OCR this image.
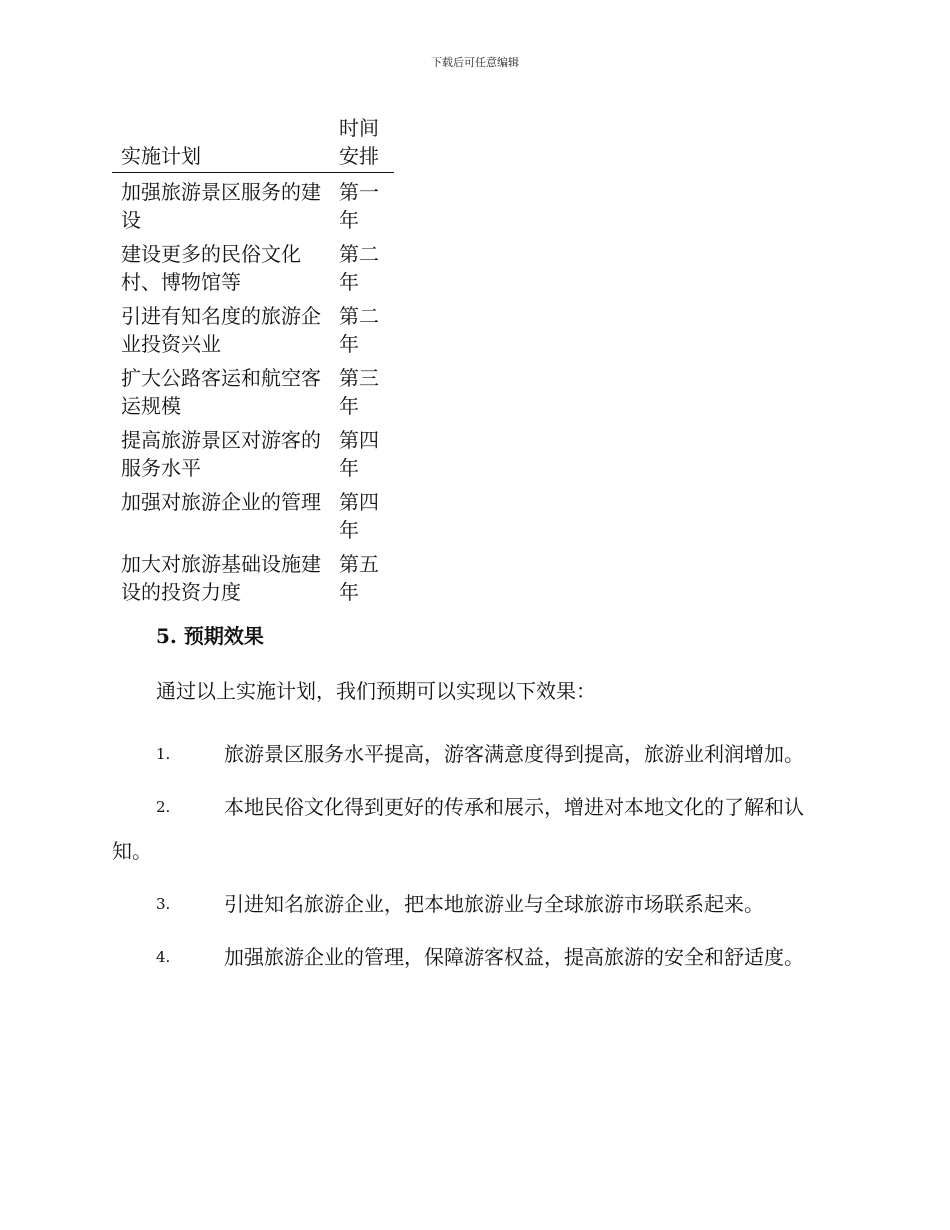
下载后可任意编辑
实施计划	时间安排
加强旅游景区服务的建设	第一年
建设更多的民俗文化村、博物馆等	第二年
引进有知名度的旅游企业投资兴业	第二年
扩大公路客运和航空客运规模	第三年
提高旅游景区对游客的服务水平	第四年
加强对旅游企业的管理	第四年
加大对旅游基础设施建设的投资力度	第五年
5. 预期效果

通过以上实施计划，我们预期可以实现以下效果：

1.	旅游景区服务水平提高，游客满意度得到提高，旅游业利润增加。
2.	本地民俗文化得到更好的传承和展示，增进对本地文化的了解和认知。
3.	引进知名旅游企业，把本地旅游业与全球旅游市场联系起来。
4.	加强旅游企业的管理，保障游客权益，提高旅游的安全和舒适度。
